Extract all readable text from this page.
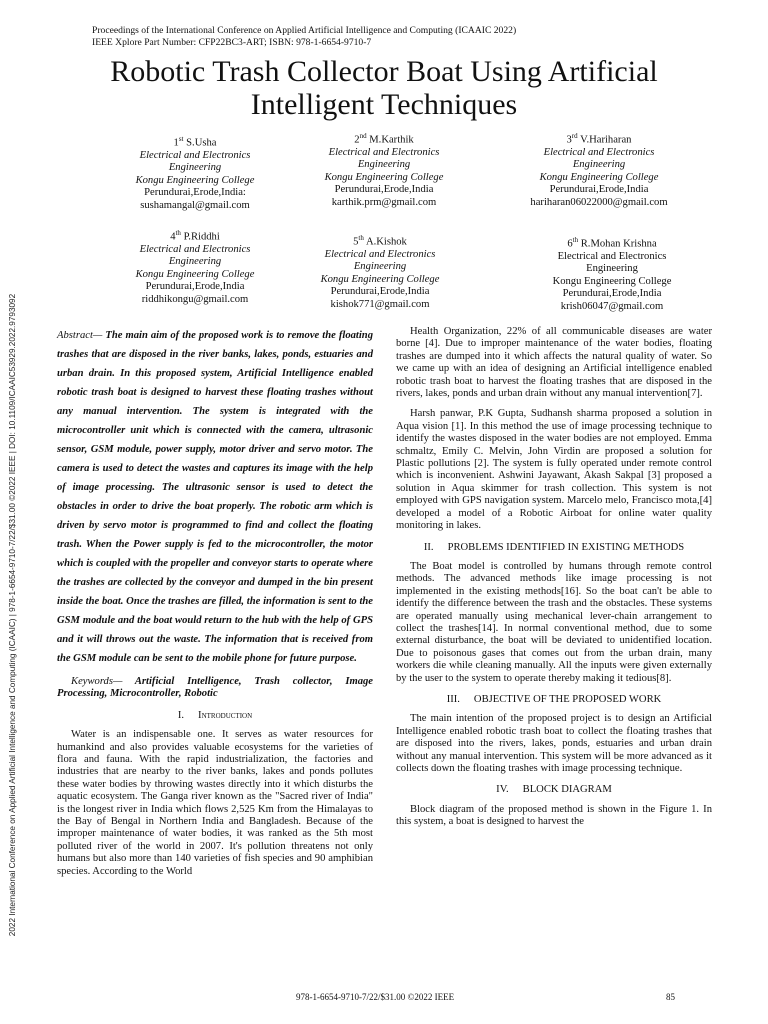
Proceedings of the International Conference on Applied Artificial Intelligence and Computing (ICAAIC 2022)
IEEE Xplore Part Number: CFP22BC3-ART; ISBN: 978-1-6654-9710-7
Robotic Trash Collector Boat Using Artificial
Intelligent Techniques
1st S.Usha
Electrical and Electronics
Engineering
Kongu Engineering College
Perundurai,Erode,India:
sushamangal@gmail.com
2nd M.Karthik
Electrical and Electronics
Engineering
Kongu Engineering College
Perundurai,Erode,India
karthik.prm@gmail.com
3rd V.Hariharan
Electrical and Electronics
Engineering
Kongu Engineering College
Perundurai,Erode,India
hariharan06022000@gmail.com
4th P.Riddhi
Electrical and Electronics
Engineering
Kongu Engineering College
Perundurai,Erode,India
riddhikongu@gmail.com
5th A.Kishok
Electrical and Electronics
Engineering
Kongu Engineering College
Perundurai,Erode,India
kishok771@gmail.com
6th R.Mohan Krishna
Electrical and Electronics
Engineering
Kongu Engineering College
Perundurai,Erode,India
krish06047@gmail.com
2022 International Conference on Applied Artificial Intelligence and Computing (ICAAIC) | 978-1-6654-9710-7/22/$31.00 ©2022 IEEE | DOI: 10.1109/ICAAIC53929.2022.9793092	Abstract— The main aim of the proposed work is to remove the floating trashes that are disposed in the river banks, lakes, ponds, estuaries and urban drain. In this proposed system, Artificial Intelligence enabled robotic trash boat is designed to harvest these floating trashes without any manual intervention. The system is integrated with the microcontroller unit which is connected with the camera, ultrasonic sensor, GSM module, power supply, motor driver and servo motor. The camera is used to detect the wastes and captures its image with the help of image processing. The ultrasonic sensor is used to detect the obstacles in order to drive the boat properly. The robotic arm which is driven by servo motor is programmed to find and collect the floating trash. When the Power supply is fed to the microcontroller, the motor which is coupled with the propeller and conveyor starts to operate where the trashes are collected by the conveyor and dumped in the bin present inside the boat. Once the trashes are filled, the information is sent to the GSM module and the boat would return to the hub with the help of GPS and it will throws out the waste. The information that is received from the GSM module can be sent to the mobile phone for future purpose.

Keywords— Artificial Intelligence, Trash collector, Image Processing, Microcontroller, Robotic

I. Introduction

Water is an indispensable one. It serves as water resources for humankind and also provides valuable ecosystems for the varieties of flora and fauna. With the rapid industrialization, the factories and industries that are nearby to the river banks, lakes and ponds pollutes these water bodies by throwing wastes directly into it which disturbs the aquatic ecosystem. The Ganga river known as the "Sacred river of India" is the longest river in India which flows 2,525 Km from the Himalayas to the Bay of Bengal in Northern India and Bangladesh. Because of the improper maintenance of water bodies, it was ranked as the 5th most polluted river of the world in 2007. It's pollution threatens not only humans but also more than 140 varieties of fish species and 90 amphibian species. According to the World

Health Organization, 22% of all communicable diseases are water borne [4]. Due to improper maintenance of the water bodies, floating trashes are dumped into it which affects the natural quality of water. So we came up with an idea of designing an Artificial intelligence enabled robotic trash boat to harvest the floating trashes that are disposed in the rivers, lakes, ponds and urban drain without any manual intervention[7].

Harsh panwar, P.K Gupta, Sudhansh sharma proposed a solution in Aqua vision [1]. In this method the use of image processing technique to identify the wastes disposed in the water bodies are not employed. Emma schmaltz, Emily C. Melvin, John Virdin are proposed a solution for Plastic pollutions [2]. The system is fully operated under remote control which is inconvenient. Ashwini Jayawant, Akash Sakpal [3] proposed a solution in Aqua skimmer for trash collection. This system is not employed with GPS navigation system. Marcelo melo, Francisco mota,[4] developed a model of a Robotic Airboat for online water quality monitoring in lakes.

II. PROBLEMS IDENTIFIED IN EXISTING METHODS

The Boat model is controlled by humans through remote control methods. The advanced methods like image processing is not implemented in the existing methods[16]. So the boat can't be able to identify the difference between the trash and the obstacles. These systems are operated manually using mechanical lever-chain arrangement to collect the trashes[14]. In normal conventional method, due to some external disturbance, the boat will be deviated to unidentified location. Due to poisonous gases that comes out from the urban drain, many workers die while cleaning manually. All the inputs were given externally by the user to the system to operate thereby making it tedious[8].

III. OBJECTIVE OF THE PROPOSED WORK

The main intention of the proposed project is to design an Artificial Intelligence enabled robotic trash boat to collect the floating trashes that are disposed into the rivers, lakes, ponds, estuaries and urban drain without any manual intervention. This system will be more advanced as it collects down the floating trashes with image processing technique.

IV. BLOCK DIAGRAM

Block diagram of the proposed method is shown in the Figure 1. In this system, a boat is designed to harvest the

978-1-6654-9710-7/22/$31.00 ©2022 IEEE	85
